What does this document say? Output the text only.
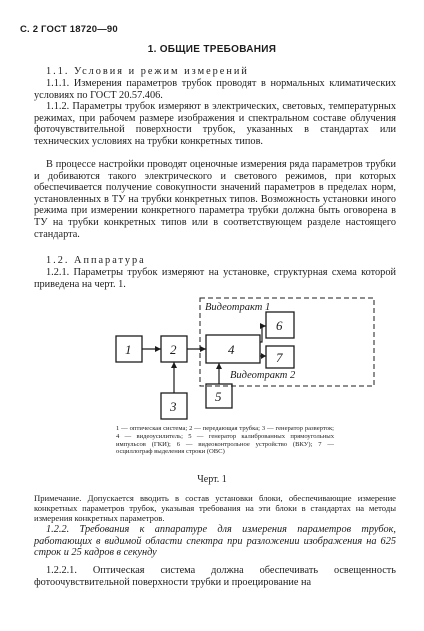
С. 2 ГОСТ 18720—90
1. ОБЩИЕ ТРЕБОВАНИЯ
1.1. Условия и режим измерений
1.1.1. Измерения параметров трубок проводят в нормальных климатических условиях по ГОСТ 20.57.406.
1.1.2. Параметры трубок измеряют в электрических, световых, температурных режимах, при рабочем размере изображения и спектральном составе облучения фоточувствительной поверхности трубок, указанных в стандартах или технических условиях на трубки конкретных типов.
В процессе настройки проводят оценочные измерения ряда параметров трубки и добиваются такого электрического и светового режимов, при которых обеспечивается получение совокупности значений параметров в пределах норм, установленных в ТУ на трубки конкретных типов. Возможность установки иного режима при измерении конкретного параметра трубки должна быть оговорена в ТУ на трубки конкретных типов или в соответствующем разделе настоящего стандарта.
1.2. Аппаратура
1.2.1. Параметры трубок измеряют на установке, структурная схема которой приведена на черт. 1.
1	2
3
4
5
6
7
Видеотракт 1
Видеотракт 2
1 — оптическая система; 2 — передающая трубка; 3 — генератор разверток; 4 — видеоусилитель; 5 — генератор калиброванных прямоугольных импульсов (ГКИ); 6 — видеоконтрольное устройство (ВКУ); 7 — осциллограф выделения строки (ОВС)
Черт. 1
Примечание. Допускается вводить в состав установки блоки, обеспечивающие измерение конкретных параметров трубок, указывая требования на эти блоки в стандартах на методы измерения конкретных параметров.
1.2.2. Требования к аппаратуре для измерения параметров трубок, работающих в видимой области спектра при разложении изображения на 625 строк и 25 кадров в секунду
1.2.2.1. Оптическая система должна обеспечивать освещенность фотоочувствительной поверхности трубки и проецирование на
